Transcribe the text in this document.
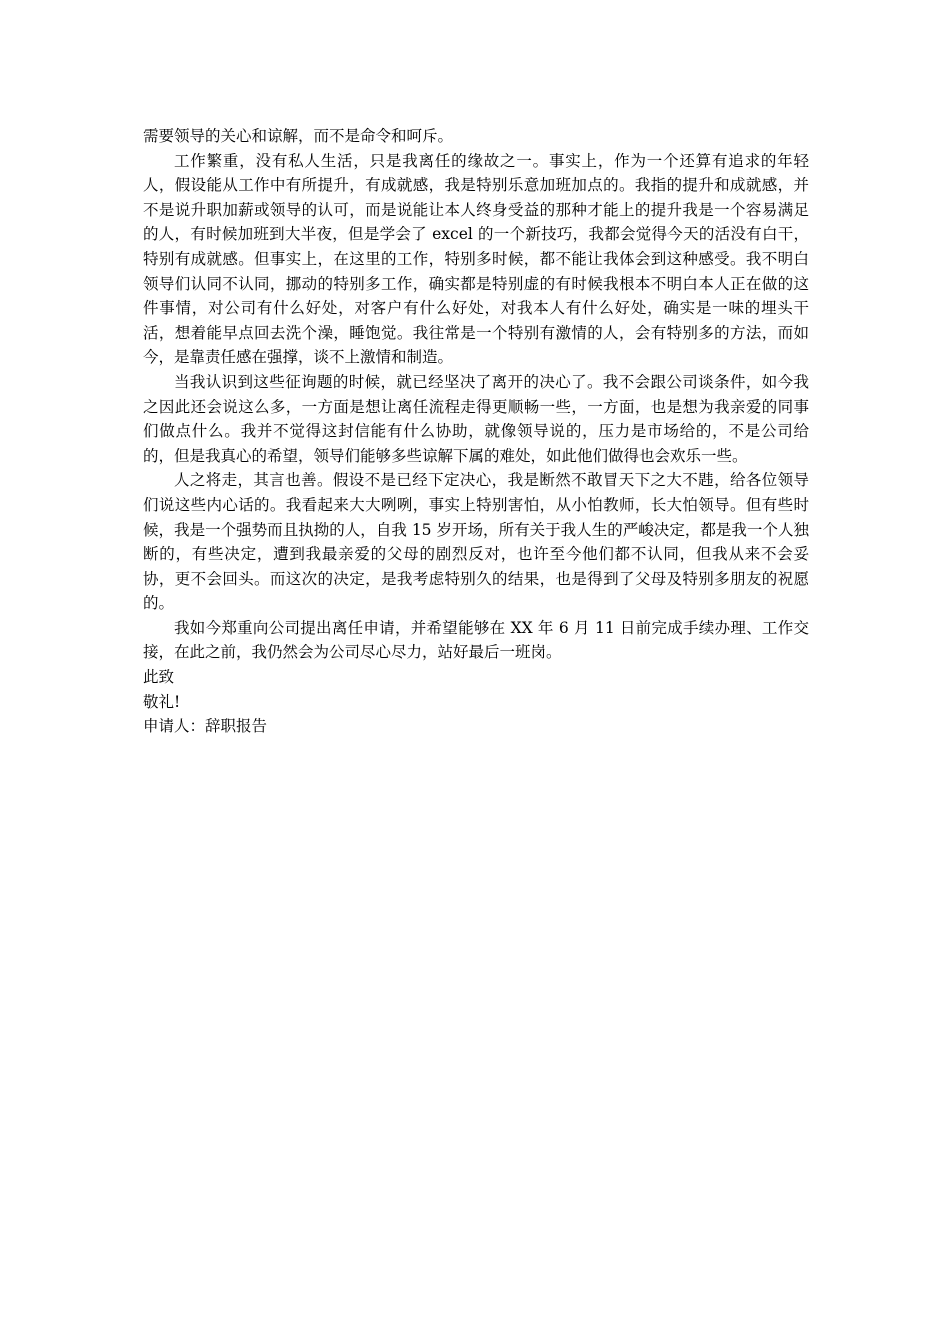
需要领导的关心和谅解，而不是命令和呵斥。

工作繁重，没有私人生活，只是我离任的缘故之一。事实上，作为一个还算有追求的年轻人，假设能从工作中有所提升，有成就感，我是特别乐意加班加点的。我指的提升和成就感，并不是说升职加薪或领导的认可，而是说能让本人终身受益的那种才能上的提升我是一个容易满足的人，有时候加班到大半夜，但是学会了 excel 的一个新技巧，我都会觉得今天的活没有白干，特别有成就感。但事实上，在这里的工作，特别多时候，都不能让我体会到这种感受。我不明白领导们认同不认同，挪动的特别多工作，确实都是特别虚的有时候我根本不明白本人正在做的这件事情，对公司有什么好处，对客户有什么好处，对我本人有什么好处，确实是一味的埋头干活，想着能早点回去洗个澡，睡饱觉。我往常是一个特别有激情的人，会有特别多的方法，而如今，是靠责任感在强撑，谈不上激情和制造。

当我认识到这些征询题的时候，就已经坚决了离开的决心了。我不会跟公司谈条件，如今我之因此还会说这么多，一方面是想让离任流程走得更顺畅一些，一方面，也是想为我亲爱的同事们做点什么。我并不觉得这封信能有什么协助，就像领导说的，压力是市场给的，不是公司给的，但是我真心的希望，领导们能够多些谅解下属的难处，如此他们做得也会欢乐一些。

人之将走，其言也善。假设不是已经下定决心，我是断然不敢冒天下之大不韪，给各位领导们说这些内心话的。我看起来大大咧咧，事实上特别害怕，从小怕教师，长大怕领导。但有些时候，我是一个强势而且执拗的人，自我 15 岁开场，所有关于我人生的严峻决定，都是我一个人独断的，有些决定，遭到我最亲爱的父母的剧烈反对，也许至今他们都不认同，但我从来不会妥协，更不会回头。而这次的决定，是我考虑特别久的结果，也是得到了父母及特别多朋友的祝愿的。

我如今郑重向公司提出离任申请，并希望能够在 XX 年 6 月 11 日前完成手续办理、工作交接，在此之前，我仍然会为公司尽心尽力，站好最后一班岗。

此致

敬礼!

申请人：辞职报告
